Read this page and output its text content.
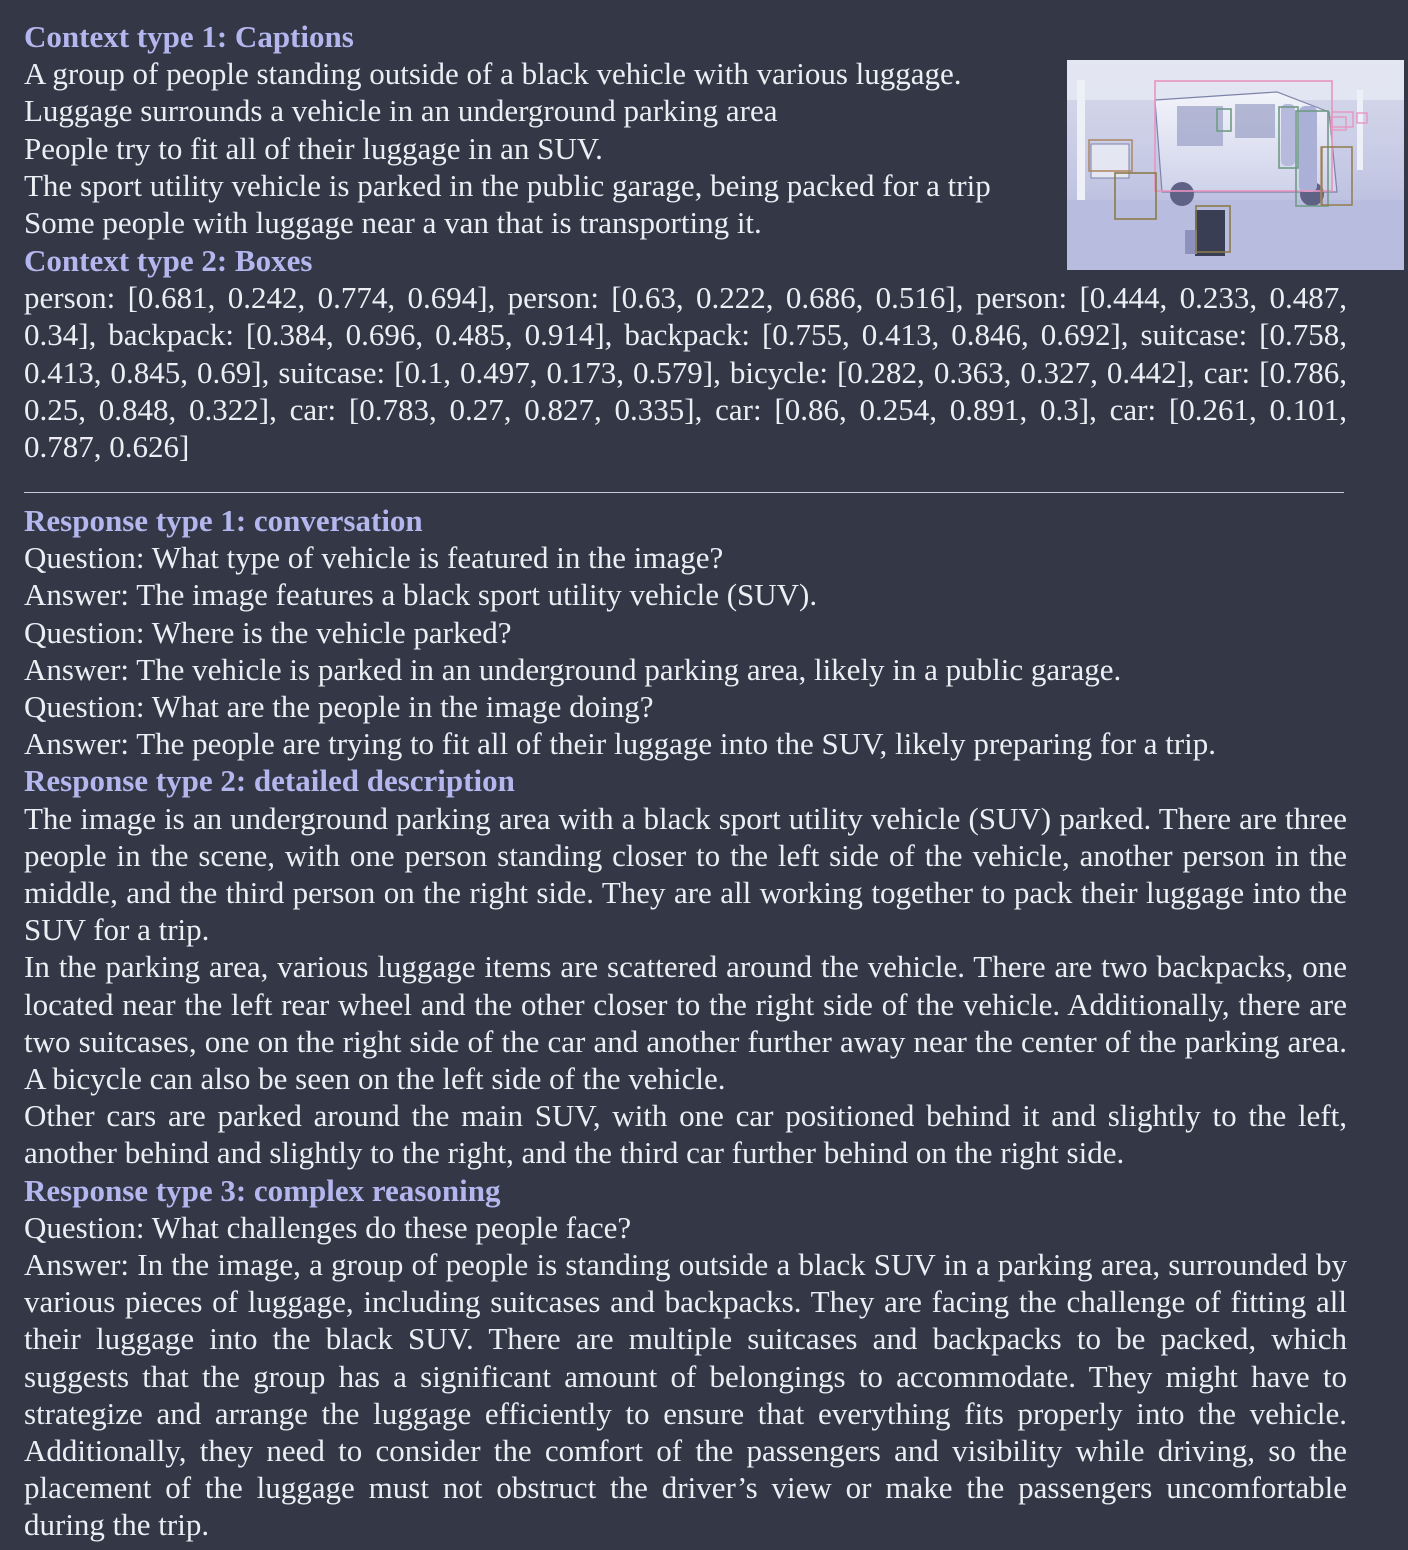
Context type 1: Captions
A group of people standing outside of a black vehicle with various luggage.
Luggage surrounds a vehicle in an underground parking area
People try to fit all of their luggage in an SUV.
The sport utility vehicle is parked in the public garage, being packed for a trip
Some people with luggage near a van that is transporting it.
Context type 2: Boxes
person: [0.681, 0.242, 0.774, 0.694], person: [0.63, 0.222, 0.686, 0.516], person: [0.444, 0.233, 0.487, 0.34], backpack: [0.384, 0.696, 0.485, 0.914], backpack: [0.755, 0.413, 0.846, 0.692], suitcase: [0.758, 0.413, 0.845, 0.69], suitcase: [0.1, 0.497, 0.173, 0.579], bicycle: [0.282, 0.363, 0.327, 0.442], car: [0.786, 0.25, 0.848, 0.322], car: [0.783, 0.27, 0.827, 0.335], car: [0.86, 0.254, 0.891, 0.3], car: [0.261, 0.101, 0.787, 0.626]
Response type 1: conversation
Question: What type of vehicle is featured in the image?
Answer: The image features a black sport utility vehicle (SUV).
Question: Where is the vehicle parked?
Answer: The vehicle is parked in an underground parking area, likely in a public garage.
Question: What are the people in the image doing?
Answer: The people are trying to fit all of their luggage into the SUV, likely preparing for a trip.
Response type 2: detailed description
The image is an underground parking area with a black sport utility vehicle (SUV) parked. There are three people in the scene, with one person standing closer to the left side of the vehicle, another person in the middle, and the third person on the right side. They are all working together to pack their luggage into the SUV for a trip.
In the parking area, various luggage items are scattered around the vehicle. There are two backpacks, one located near the left rear wheel and the other closer to the right side of the vehicle. Additionally, there are two suitcases, one on the right side of the car and another further away near the center of the parking area. A bicycle can also be seen on the left side of the vehicle.
Other cars are parked around the main SUV, with one car positioned behind it and slightly to the left, another behind and slightly to the right, and the third car further behind on the right side.
Response type 3: complex reasoning
Question: What challenges do these people face?
Answer: In the image, a group of people is standing outside a black SUV in a parking area, surrounded by various pieces of luggage, including suitcases and backpacks. They are facing the challenge of fitting all their luggage into the black SUV. There are multiple suitcases and backpacks to be packed, which suggests that the group has a significant amount of belongings to accommodate. They might have to strategize and arrange the luggage efficiently to ensure that everything fits properly into the vehicle. Additionally, they need to consider the comfort of the passengers and visibility while driving, so the placement of the luggage must not obstruct the driver’s view or make the passengers uncomfortable during the trip.
